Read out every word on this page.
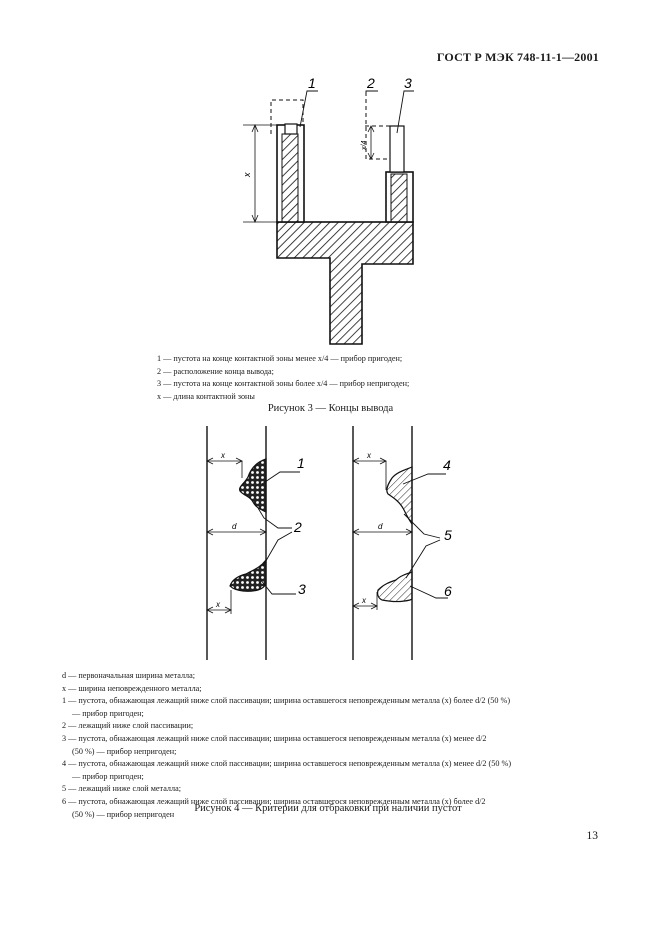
ГОСТ Р МЭК 748-11-1—2001
1	2 3
x
x/4
1
2
3
x
d
x
4
5
6
x
d
x
1 — пустота на конце контактной зоны менее x/4 — прибор пригоден;
2 — расположение конца вывода;
3 — пустота на конце контактной зоны более x/4 — прибор непригоден;
x — длина контактной зоны
Рисунок 3 — Концы вывода
d — первоначальная ширина металла;
x — ширина неповрежденного металла;
1 — пустота, обнажающая лежащий ниже слой пассивации; ширина оставшегося неповрежденным металла (x) более d/2 (50 %)
— прибор пригоден;
2 — лежащий ниже слой пассивации;
3 — пустота, обнажающая лежащий ниже слой пассивации; ширина оставшегося неповрежденным металла (x) менее d/2
(50 %) — прибор непригоден;
4 — пустота, обнажающая лежащий ниже слой пассивации; ширина оставшегося неповрежденным металла (x) менее d/2 (50 %)
— прибор пригоден;
5 — лежащий ниже слой металла;
6 — пустота, обнажающая лежащий ниже слой пассивации; ширина оставшегося неповрежденным металла (x) более d/2
(50 %) — прибор непригоден
Рисунок 4 — Критерии для отбраковки при наличии пустот
13
